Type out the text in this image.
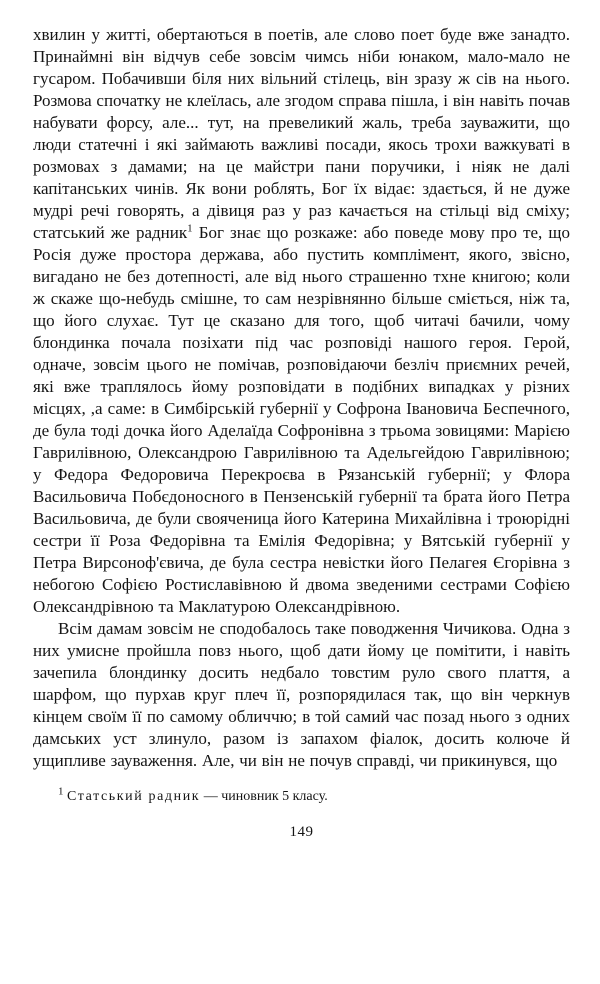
хвилин у житті, обертаються в поетів, але слово поет буде вже занадто. Принаймні він відчув себе зовсім чимсь ніби юнаком, мало-мало не гусаром. Побачивши біля них вільний стілець, він зразу ж сів на нього. Розмова спочатку не клеїлась, але згодом справа пішла, і він навіть почав набувати форсу, але... тут, на превеликий жаль, треба зауважити, що люди статечні і які займають важливі посади, якось трохи важкуваті в розмовах з дамами; на це майстри пани поручики, і ніяк не далі капітанських чинів. Як вони роблять, Бог їх відає: здається, й не дуже мудрі речі говорять, а дівиця раз у раз качається на стільці від сміху; статський же радник$^1$ Бог знає що розкаже: або поведе мову про те, що Росія дуже простора держава, або пустить комплімент, якого, звісно, вигадано не без дотепності, але від нього страшенно тхне книгою; коли ж скаже що-небудь смішне, то сам незрівнянно більше сміється, ніж та, що його слухає. Тут це сказано для того, щоб читачі бачили, чому блондинка почала позіхати під час розповіді нашого героя. Герой, одначе, зовсім цього не помічав, розповідаючи безліч приємних речей, які вже траплялось йому розповідати в подібних випадках у різних місцях, ,а саме: в Симбірській губернії у Софрона Івановича Беспечного, де була тоді дочка його Аделаїда Софронівна з трьома зовицями: Марією Гаврилівною, Олександрою Гаврилівною та Адельгейдою Гаврилівною; у Федора Федоровича Перекроєва в Рязанській губернії; у Флора Васильовича Побєдоносного в Пензенській губернії та брата його Петра Васильовича, де були свояченица його Катерина Михайлівна і троюрідні сестри її Роза Федорівна та Емілія Федорівна; у Вятській губернії у Петра Вирсоноф'євича, де була сестра невістки його Пелагея Єгорівна з небогою Софією Ростиславівною й двома зведеними сестрами Софією Олександрівною та Маклатурою Олександрівною.

Всім дамам зовсім не сподобалось таке поводження Чичикова. Одна з них умисне пройшла повз нього, щоб дати йому це помітити, і навіть зачепила блондинку досить недбало товстим руло свого плаття, а шарфом, що пурхав круг плеч її, розпорядилася так, що він черкнув кінцем своїм її по самому обличчю; в той самий час позад нього з одних дамських уст злинуло, разом із запахом фіалок, досить колюче й ущипливе зауваження. Але, чи він не почув справді, чи прикинувся, що

$^1$ Статський радник — чиновник 5 класу.
149
